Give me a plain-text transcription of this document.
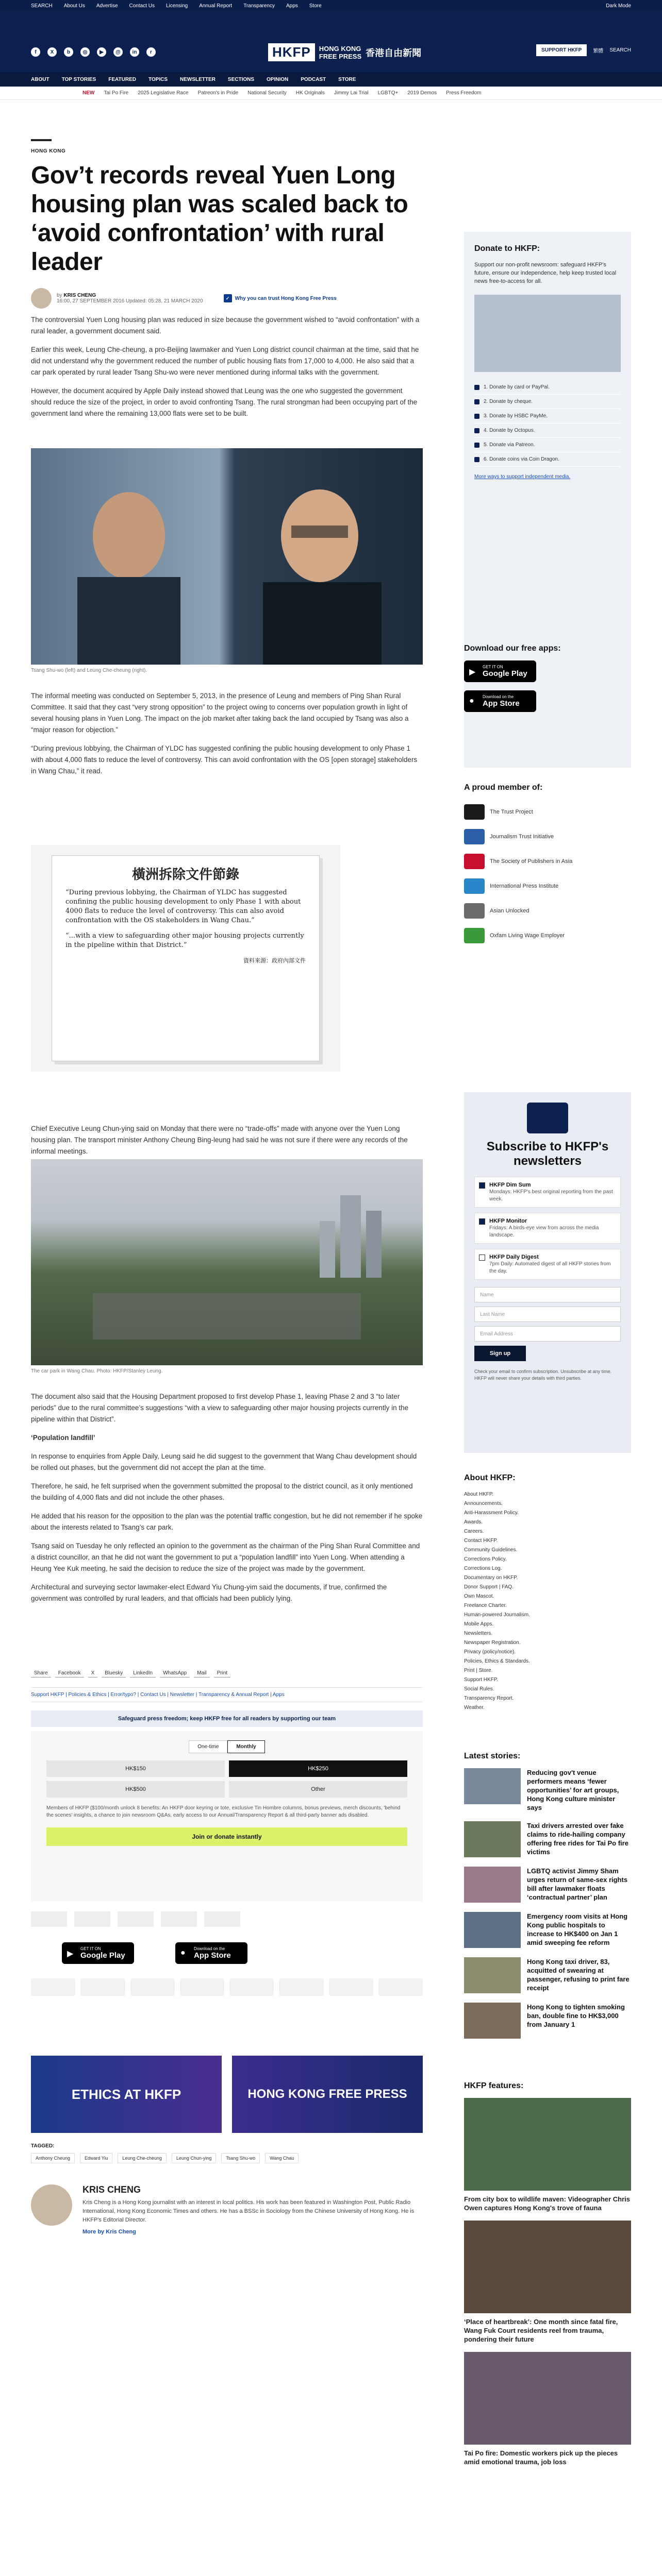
SEARCH About Us Advertise Contact Us Licensing Annual Report Transparency Apps Store	Dark Mode
f	X	b	◎	▶	@	in	r	HKFP	HONG KONG
FREE PRESS 香港自由新聞	SUPPORT HKFP	繁體 SEARCH
ABOUT TOP STORIES FEATURED TOPICS NEWSLETTER SECTIONS OPINION PODCAST STORE
NEW Tai Po Fire 2025 Legislative Race Patreon's in Pride National Security HK Originals Jimmy Lai Trial LGBTQ+ 2019 Demos Press Freedom
HONG KONG
Gov’t records reveal Yuen Long housing plan was scaled back to ‘avoid confrontation’ with rural leader
by KRIS CHENG
16:00, 27 SEPTEMBER 2016 Updated: 05:28, 21 MARCH 2020
✓	Why you can trust Hong Kong Free Press

The controversial Yuen Long housing plan was reduced in size because the government wished to “avoid confrontation” with a rural leader, a government document said.

Earlier this week, Leung Che-cheung, a pro-Beijing lawmaker and Yuen Long district council chairman at the time, said that he did not understand why the government reduced the number of public housing flats from 17,000 to 4,000. He also said that a car park operated by rural leader Tsang Shu-wo were never mentioned during informal talks with the government.

However, the document acquired by Apple Daily instead showed that Leung was the one who suggested the government should reduce the size of the project, in order to avoid confronting Tsang. The rural strongman had been occupying part of the government land where the remaining 13,000 flats were set to be built.

Tsang Shu-wo (left) and Leung Che-cheung (right).

The informal meeting was conducted on September 5, 2013, in the presence of Leung and members of Ping Shan Rural Committee. It said that they cast “very strong opposition” to the project owing to concerns over population growth in light of several housing plans in Yuen Long. The impact on the job market after taking back the land occupied by Tsang was also a “major reason for objection.”

“During previous lobbying, the Chairman of YLDC has suggested confining the public housing development to only Phase 1 with about 4,000 flats to reduce the level of controversy. This can avoid confrontation with the OS [open storage] stakeholders in Wang Chau,” it read.

橫洲拆除文件節錄
“During previous lobbying, the Chairman of YLDC has suggested confining the public housing development to only Phase 1 with about 4000 flats to reduce the level of controversy. This can also avoid confrontation with the OS stakeholders in Wang Chau.”
“...with a view to safeguarding other major housing projects currently in the pipeline within that District.”
資料來源：政府內部文件

Chief Executive Leung Chun-ying said on Monday that there were no “trade-offs” made with anyone over the Yuen Long housing plan. The transport minister Anthony Cheung Bing-leung had said he was not sure if there were any records of the informal meetings.

The car park in Wang Chau. Photo: HKFP/Stanley Leung.

The document also said that the Housing Department proposed to first develop Phase 1, leaving Phase 2 and 3 “to later periods” due to the rural committee’s suggestions “with a view to safeguarding other major housing projects currently in the pipeline within that District”.

‘Population landfill’

In response to enquiries from Apple Daily, Leung said he did suggest to the government that Wang Chau development should be rolled out phases, but the government did not accept the plan at the time.

Therefore, he said, he felt surprised when the government submitted the proposal to the district council, as it only mentioned the building of 4,000 flats and did not include the other phases.

He added that his reason for the opposition to the plan was the potential traffic congestion, but he did not remember if he spoke about the interests related to Tsang’s car park.

Tsang said on Tuesday he only reflected an opinion to the government as the chairman of the Ping Shan Rural Committee and a district councillor, an that he did not want the government to put a “population landfill” into Yuen Long. When attending a Heung Yee Kuk meeting, he said the decision to reduce the size of the project was made by the government.

Architectural and surveying sector lawmaker-elect Edward Yiu Chung-yim said the documents, if true, confirmed the government was controlled by rural leaders, and that officials had been publicly lying.

Share	Facebook	X	Bluesky	LinkedIn	WhatsApp	Mail	Print
Support HKFP | Policies & Ethics | Error/typo? | Contact Us | Newsletter | Transparency & Annual Report | Apps
Safeguard press freedom; keep HKFP free for all readers by supporting our team
One-time	Monthly
HK$150	HK$250
HK$500	Other
Members of HKFP ($100/month unlock 8 benefits: An HKFP door keyring or tote, exclusive Tin Hombre columns, bonus previews, merch discounts, 'behind the scenes' insights, a chance to join newsroom Q&As, early access to our Annual/Transparency Report & all third-party banner ads disabled.
Join or donate instantly
▶
GET IT ON
Google Play	●	Download on the
App Store
ETHICS AT HKFP	HONG KONG FREE PRESS
TAGGED:
Anthony Cheung	Edward Yiu	Leung Che-cheung	Leung Chun-ying	Tsang Shu-wo	Wang Chau
KRIS CHENG
Kris Cheng is a Hong Kong journalist with an interest in local politics. His work has been featured in Washington Post, Public Radio International, Hong Kong Economic Times and others. He has a BSSc in Sociology from the Chinese University of Hong Kong. He is HKFP's Editorial Director.
More by Kris Cheng
Donate to HKFP:

Support our non-profit newsroom: safeguard HKFP's future, ensure our independence, help keep trusted local news free-to-access for all.

1. Donate by card or PayPal.
2. Donate by cheque.
3. Donate by HSBC PayMe.
4. Donate by Octopus.
5. Donate via Patreon.
6. Donate coins via Coin Dragon.
More ways to support independent media.
Download our free apps:
▶
GET IT ON
Google Play
●	Download on the
App Store
A proud member of:
The Trust Project
Journalism Trust Initiative
The Society of Publishers in Asia
International Press Institute
Asian Unlocked
Oxfam Living Wage Employer
Subscribe to HKFP's newsletters
HKFP Dim Sum
Mondays: HKFP's best original reporting from the past week.
HKFP Monitor
Fridays: A birds-eye view from across the media landscape.
HKFP Daily Digest
7pm Daily: Automated digest of all HKFP stories from the day.
Name
Last Name
Email Address
Sign up
Check your email to confirm subscription. Unsubscribe at any time. HKFP will never share your details with third parties.
About HKFP:
About HKFP.
Announcements.
Anti-Harassment Policy.
Awards.
Careers.
Contact HKFP.
Community Guidelines.
Corrections Policy.
Corrections Log.
Documentary on HKFP.
Donor Support | FAQ.
Own Mascot.
Freelance Charter.
Human-powered Journalism.
Mobile Apps.
Newsletters.
Newspaper Registration.
Privacy (policy/notice).
Policies, Ethics & Standards.
Print | Store.
Support HKFP.
Social Rules.
Transparency Report.
Weather.
Latest stories:
Reducing gov't venue performers means ‘fewer opportunities’ for art groups, Hong Kong culture minister says
Taxi drivers arrested over fake claims to ride-hailing company offering free rides for Tai Po fire victims
LGBTQ activist Jimmy Sham urges return of same-sex rights bill after lawmaker floats ‘contractual partner’ plan
Emergency room visits at Hong Kong public hospitals to increase to HK$400 on Jan 1 amid sweeping fee reform
Hong Kong taxi driver, 83, acquitted of swearing at passenger, refusing to print fare receipt
Hong Kong to tighten smoking ban, double fine to HK$3,000 from January 1
HKFP features:
From city box to wildlife maven: Videographer Chris Owen captures Hong Kong's trove of fauna
‘Place of heartbreak’: One month since fatal fire, Wang Fuk Court residents reel from trauma, pondering their future
Tai Po fire: Domestic workers pick up the pieces amid emotional trauma, job loss
